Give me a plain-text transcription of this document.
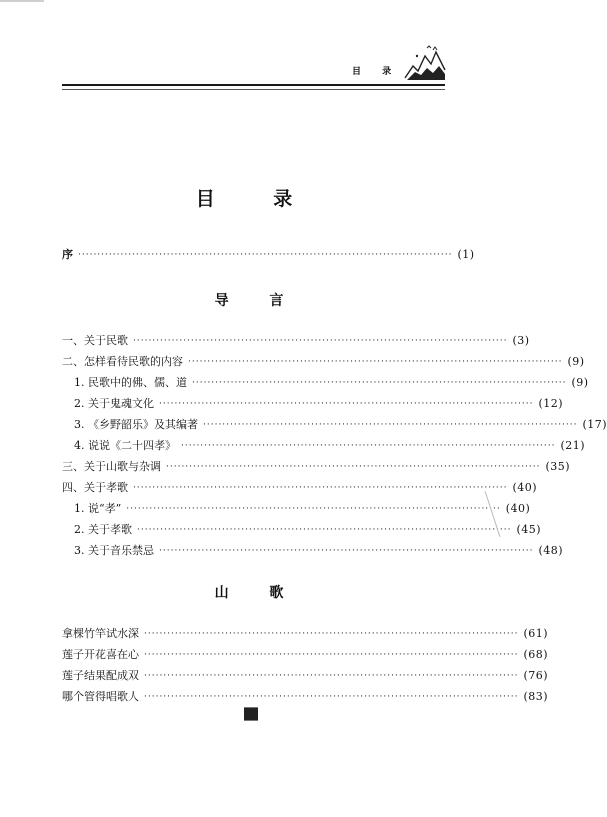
目 录
目 录
序 ································································································· (1)
导 言
一、关于民歌 ································································································· (3)
二、怎样看待民歌的内容 ································································································· (9)
1. 民歌中的佛、儒、道 ································································································· (9)
2. 关于鬼魂文化 ································································································· (12)
3. 《乡野韶乐》及其编著 ································································································· (17)
4. 说说《二十四孝》 ································································································· (21)
三、关于山歌与杂调 ································································································· (35)
四、关于孝歌 ································································································· (40)
1. 说“孝” ································································································· (40)
2. 关于孝歌 ································································································· (45)
3. 关于音乐禁忌 ································································································· (48)
山 歌
拿棵竹竿试水深 ································································································· (61)
莲子开花喜在心 ································································································· (68)
莲子结果配成双 ································································································· (76)
哪个管得唱歌人 ································································································· (83)
